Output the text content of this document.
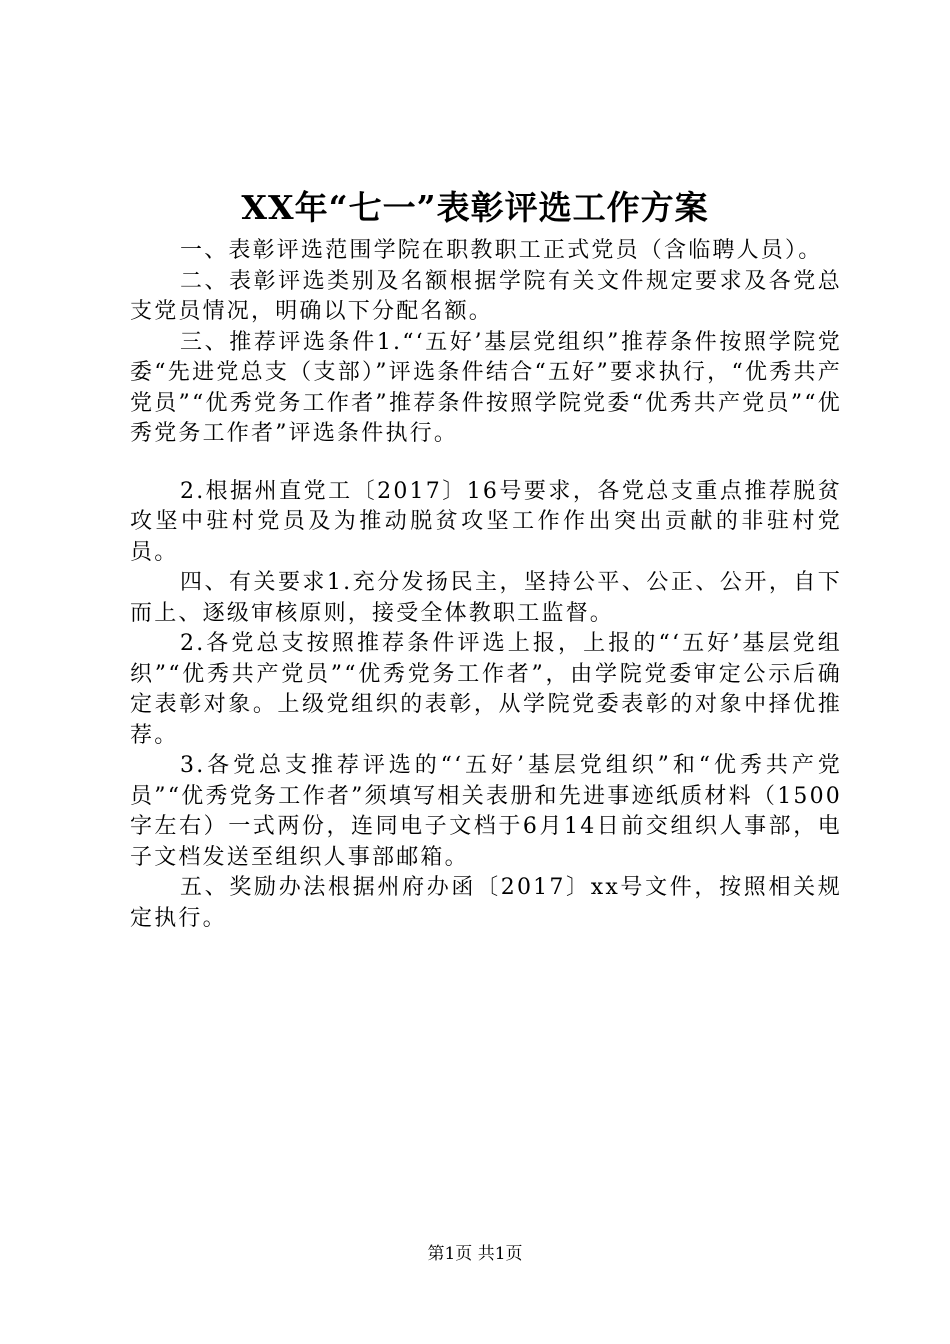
XX年“七一”表彰评选工作方案

一、表彰评选范围学院在职教职工正式党员（含临聘人员）。

二、表彰评选类别及名额根据学院有关文件规定要求及各党总支党员情况，明确以下分配名额。

三、推荐评选条件1.“‘五好’基层党组织”推荐条件按照学院党委“先进党总支（支部）”评选条件结合“五好”要求执行，“优秀共产党员”“优秀党务工作者”推荐条件按照学院党委“优秀共产党员”“优秀党务工作者”评选条件执行。

2.根据州直党工〔2017〕16号要求，各党总支重点推荐脱贫攻坚中驻村党员及为推动脱贫攻坚工作作出突出贡献的非驻村党员。

四、有关要求1.充分发扬民主，坚持公平、公正、公开，自下而上、逐级审核原则，接受全体教职工监督。

2.各党总支按照推荐条件评选上报，上报的“‘五好’基层党组织”“优秀共产党员”“优秀党务工作者”，由学院党委审定公示后确定表彰对象。上级党组织的表彰，从学院党委表彰的对象中择优推荐。

3.各党总支推荐评选的“‘五好’基层党组织”和“优秀共产党员”“优秀党务工作者”须填写相关表册和先进事迹纸质材料（1500字左右）一式两份，连同电子文档于6月14日前交组织人事部，电子文档发送至组织人事部邮箱。

五、奖励办法根据州府办函〔2017〕xx号文件，按照相关规定执行。

第1页 共1页
